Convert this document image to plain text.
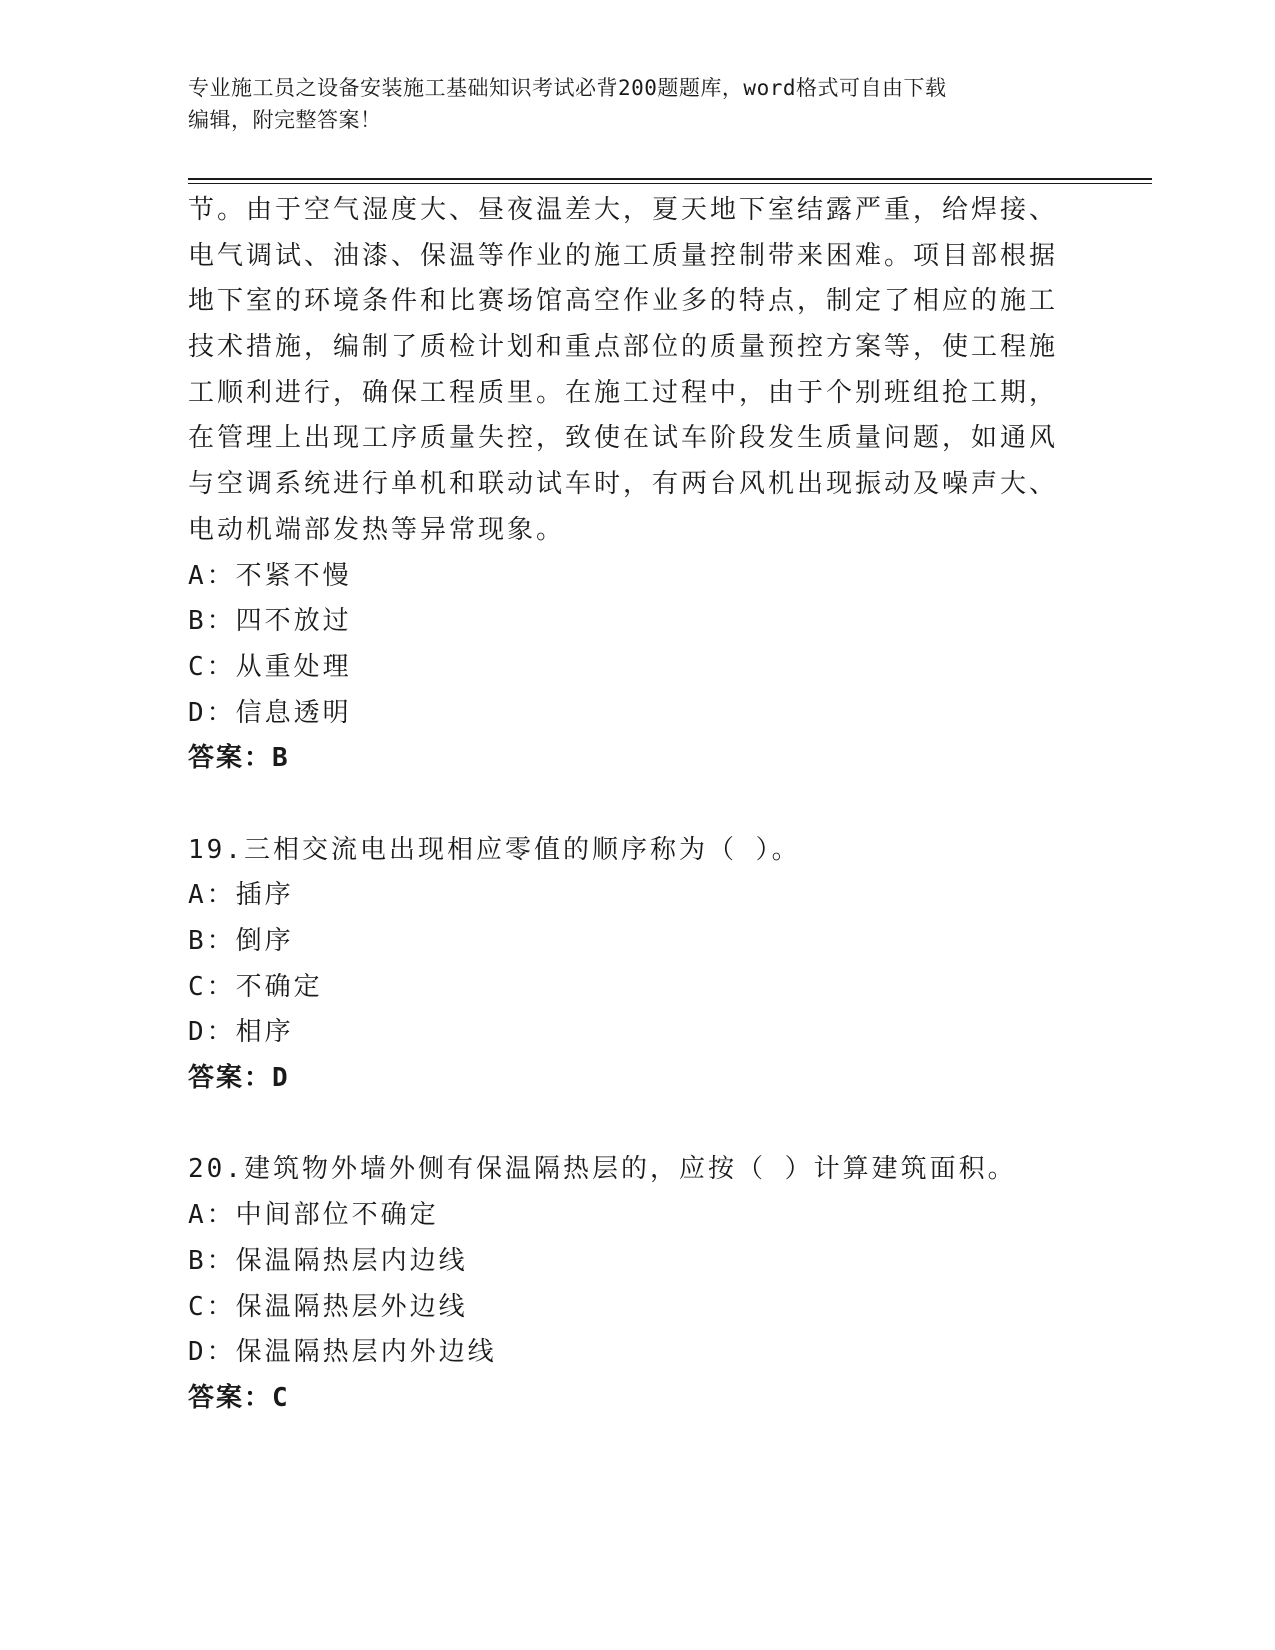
专业施工员之设备安装施工基础知识考试必背200题题库，word格式可自由下载
编辑，附完整答案！
节。由于空气湿度大、昼夜温差大，夏天地下室结露严重，给焊接、
电气调试、油漆、保温等作业的施工质量控制带来困难。项目部根据
地下室的环境条件和比赛场馆高空作业多的特点，制定了相应的施工
技术措施，编制了质检计划和重点部位的质量预控方案等，使工程施
工顺利进行，确保工程质里。在施工过程中，由于个别班组抢工期，
在管理上出现工序质量失控，致使在试车阶段发生质量问题，如通风
与空调系统进行单机和联动试车时，有两台风机出现振动及噪声大、
电动机端部发热等异常现象。
A：不紧不慢
B：四不放过
C：从重处理
D：信息透明
答案：B
19.三相交流电出现相应零值的顺序称为（ ）。
A：插序
B：倒序
C：不确定
D：相序
答案：D
20.建筑物外墙外侧有保温隔热层的，应按（ ）计算建筑面积。
A：中间部位不确定
B：保温隔热层内边线
C：保温隔热层外边线
D：保温隔热层内外边线
答案：C
